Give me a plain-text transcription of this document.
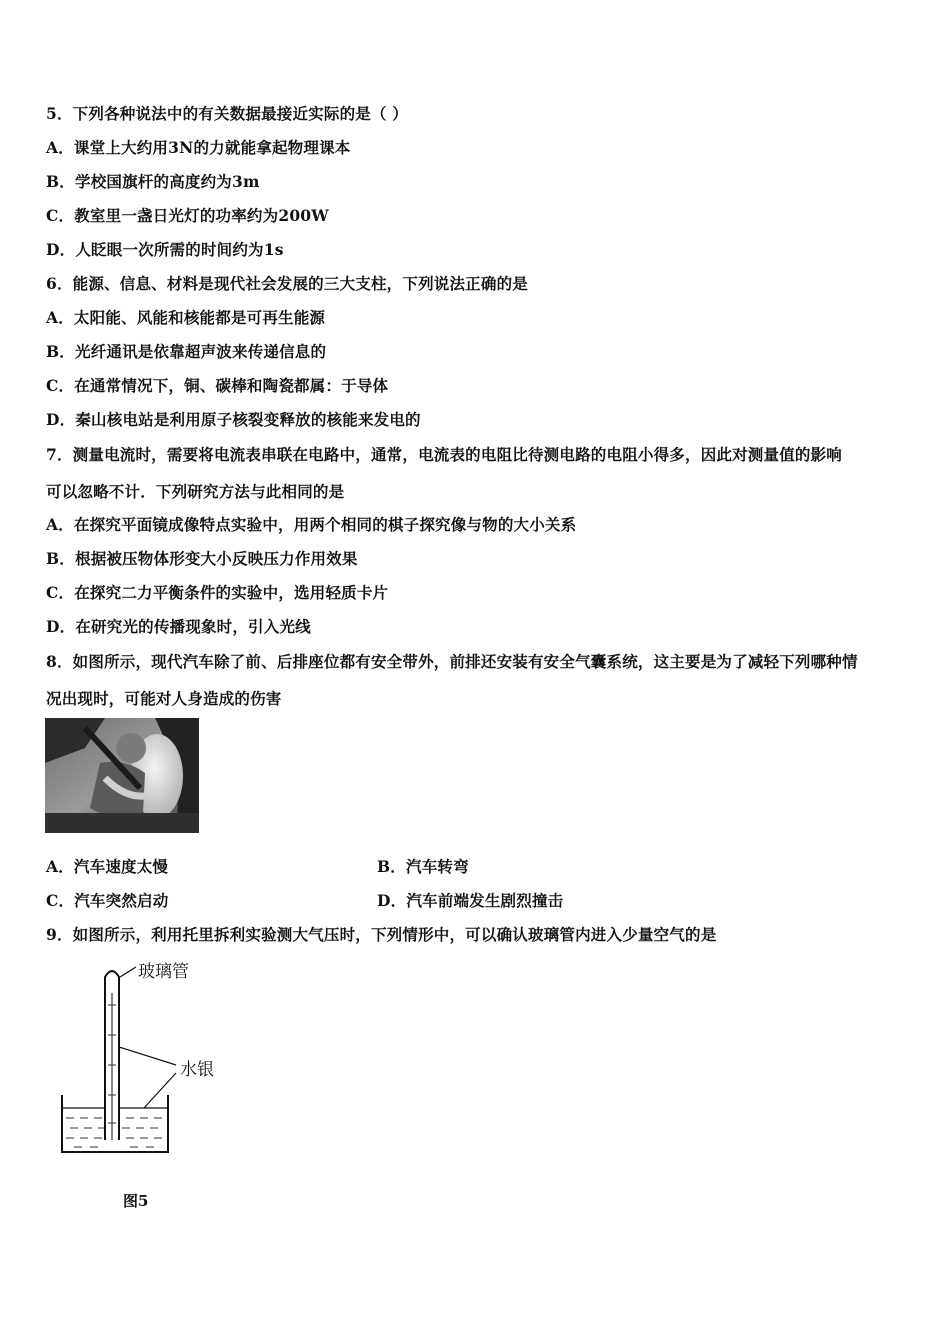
5．下列各种说法中的有关数据最接近实际的是（ ）
A．课堂上大约用3N的力就能拿起物理课本
B．学校国旗杆的高度约为3m
C．教室里一盏日光灯的功率约为200W
D．人眨眼一次所需的时间约为1s
6．能源、信息、材料是现代社会发展的三大支柱，下列说法正确的是
A．太阳能、风能和核能都是可再生能源
B．光纤通讯是依靠超声波来传递信息的
C．在通常情况下，铜、碳棒和陶瓷都属：于导体
D．秦山核电站是利用原子核裂变释放的核能来发电的
7．测量电流时，需要将电流表串联在电路中，通常，电流表的电阻比待测电路的电阻小得多，因此对测量值的影响
可以忽略不计．下列研究方法与此相同的是
A．在探究平面镜成像特点实验中，用两个相同的棋子探究像与物的大小关系
B．根据被压物体形变大小反映压力作用效果
C．在探究二力平衡条件的实验中，选用轻质卡片
D．在研究光的传播现象时，引入光线
8．如图所示，现代汽车除了前、后排座位都有安全带外，前排还安装有安全气囊系统，这主要是为了减轻下列哪种情
况出现时，可能对人身造成的伤害
A．汽车速度太慢	B．汽车转弯
C．汽车突然启动	D．汽车前端发生剧烈撞击
9．如图所示，利用托里拆利实验测大气压时，下列情形中，可以确认玻璃管内进入少量空气的是
玻璃管
水银
图5
